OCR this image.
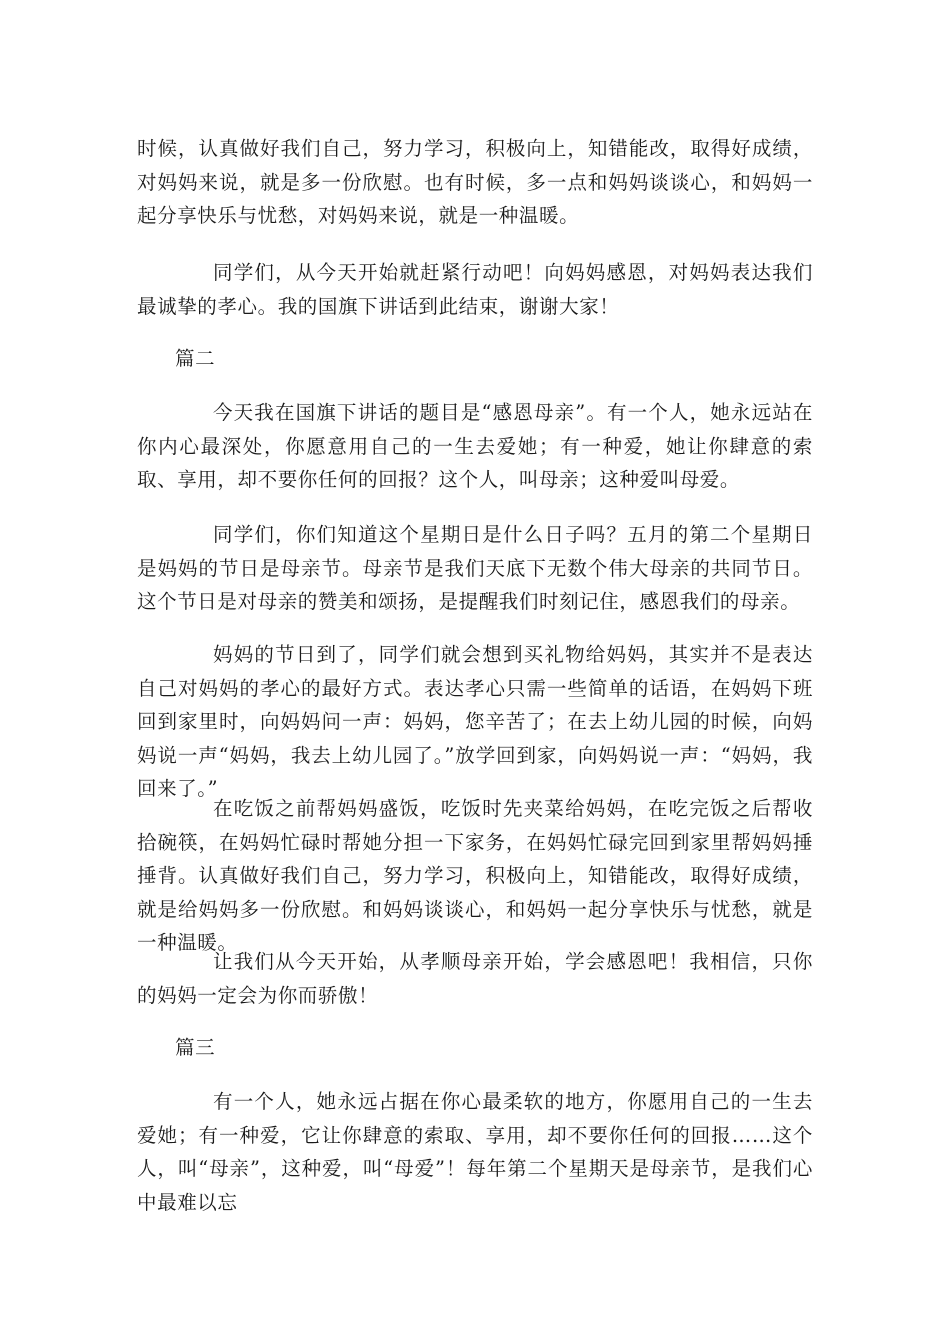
时候，认真做好我们自己，努力学习，积极向上，知错能改，取得好成绩，对妈妈来说，就是多一份欣慰。也有时候，多一点和妈妈谈谈心，和妈妈一起分享快乐与忧愁，对妈妈来说，就是一种温暖。

同学们，从今天开始就赶紧行动吧！向妈妈感恩，对妈妈表达我们最诚挚的孝心。我的国旗下讲话到此结束，谢谢大家！

篇二

今天我在国旗下讲话的题目是“感恩母亲”。有一个人，她永远站在你内心最深处，你愿意用自己的一生去爱她；有一种爱，她让你肆意的索取、享用，却不要你任何的回报？这个人，叫母亲；这种爱叫母爱。

同学们，你们知道这个星期日是什么日子吗？五月的第二个星期日是妈妈的节日是母亲节。母亲节是我们天底下无数个伟大母亲的共同节日。这个节日是对母亲的赞美和颂扬，是提醒我们时刻记住，感恩我们的母亲。

妈妈的节日到了，同学们就会想到买礼物给妈妈，其实并不是表达自己对妈妈的孝心的最好方式。表达孝心只需一些简单的话语，在妈妈下班回到家里时，向妈妈问一声：妈妈，您辛苦了；在去上幼儿园的时候，向妈妈说一声“妈妈，我去上幼儿园了。”放学回到家，向妈妈说一声：“妈妈，我回来了。”

在吃饭之前帮妈妈盛饭，吃饭时先夹菜给妈妈，在吃完饭之后帮收拾碗筷，在妈妈忙碌时帮她分担一下家务，在妈妈忙碌完回到家里帮妈妈捶捶背。认真做好我们自己，努力学习，积极向上，知错能改，取得好成绩，就是给妈妈多一份欣慰。和妈妈谈谈心，和妈妈一起分享快乐与忧愁，就是一种温暖。

让我们从今天开始，从孝顺母亲开始，学会感恩吧！我相信，只你的妈妈一定会为你而骄傲！

篇三

有一个人，她永远占据在你心最柔软的地方，你愿用自己的一生去爱她；有一种爱，它让你肆意的索取、享用，却不要你任何的回报……这个人，叫“母亲”，这种爱，叫“母爱”！每年第二个星期天是母亲节，是我们心中最难以忘
